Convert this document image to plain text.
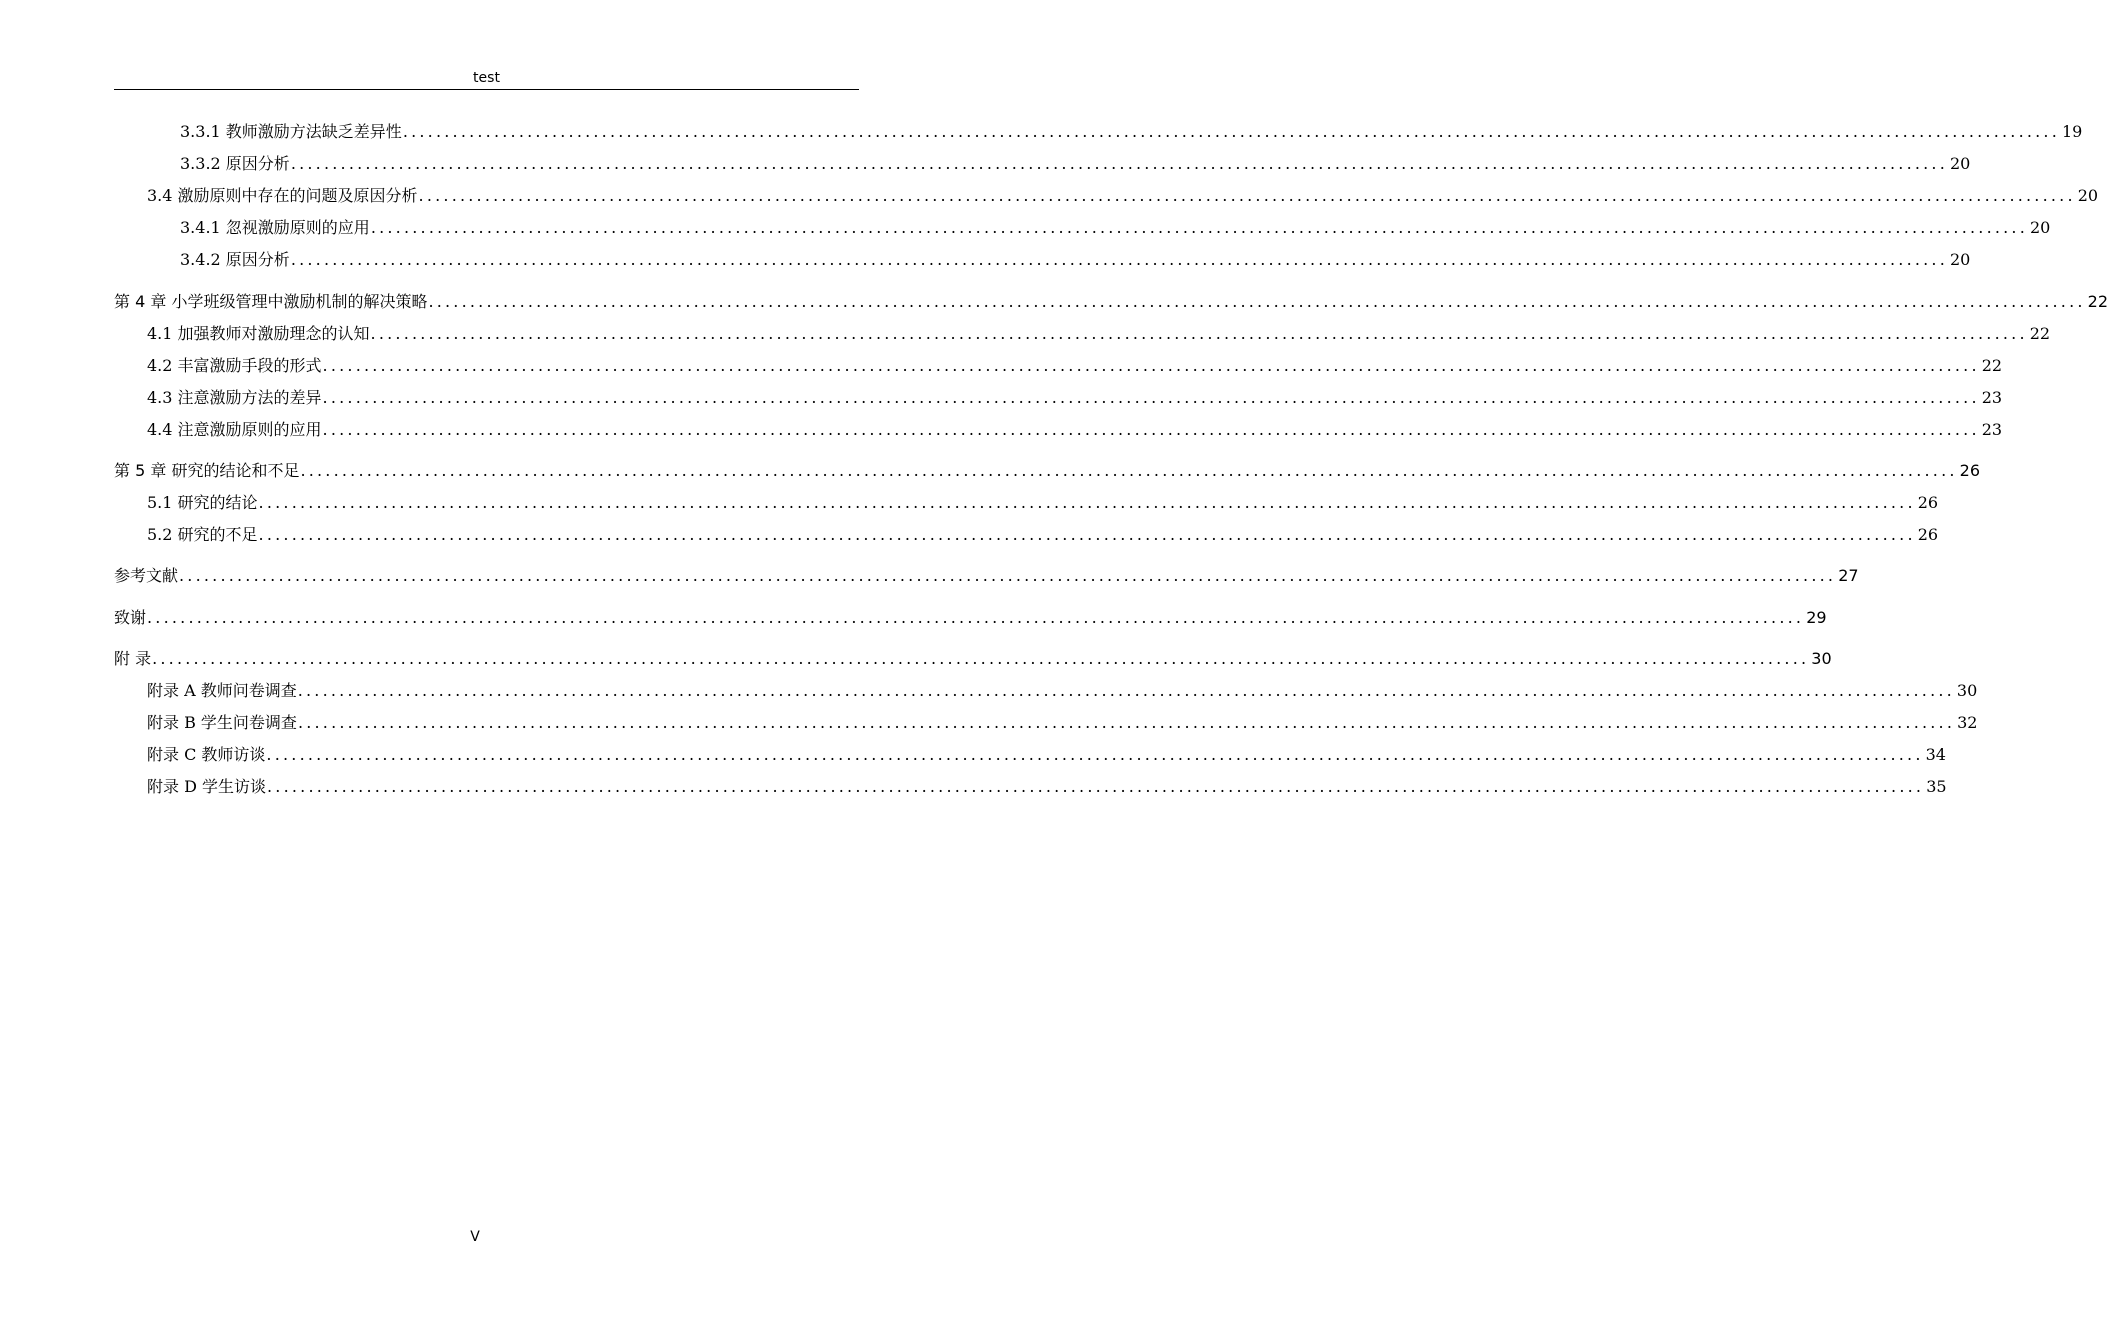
test
3.3.1 教师激励方法缺乏差异性 ........................................................................................................................................................................................................ 19
3.3.2 原因分析 ........................................................................................................................................................................................................ 20
3.4 激励原则中存在的问题及原因分析 ........................................................................................................................................................................................................ 20
3.4.1 忽视激励原则的应用 ........................................................................................................................................................................................................ 20
3.4.2 原因分析 ........................................................................................................................................................................................................ 20
第 4 章 小学班级管理中激励机制的解决策略 ........................................................................................................................................................................................................ 22
4.1 加强教师对激励理念的认知 ........................................................................................................................................................................................................ 22
4.2 丰富激励手段的形式 ........................................................................................................................................................................................................ 22
4.3 注意激励方法的差异 ........................................................................................................................................................................................................ 23
4.4 注意激励原则的应用 ........................................................................................................................................................................................................ 23
第 5 章 研究的结论和不足 ........................................................................................................................................................................................................ 26
5.1 研究的结论 ........................................................................................................................................................................................................ 26
5.2 研究的不足 ........................................................................................................................................................................................................ 26
参考文献 ........................................................................................................................................................................................................ 27
致谢 ........................................................................................................................................................................................................ 29
附 录 ........................................................................................................................................................................................................ 30
附录 A 教师问卷调查 ........................................................................................................................................................................................................ 30
附录 B 学生问卷调查 ........................................................................................................................................................................................................ 32
附录 C 教师访谈 ........................................................................................................................................................................................................ 34
附录 D 学生访谈 ........................................................................................................................................................................................................ 35
V
